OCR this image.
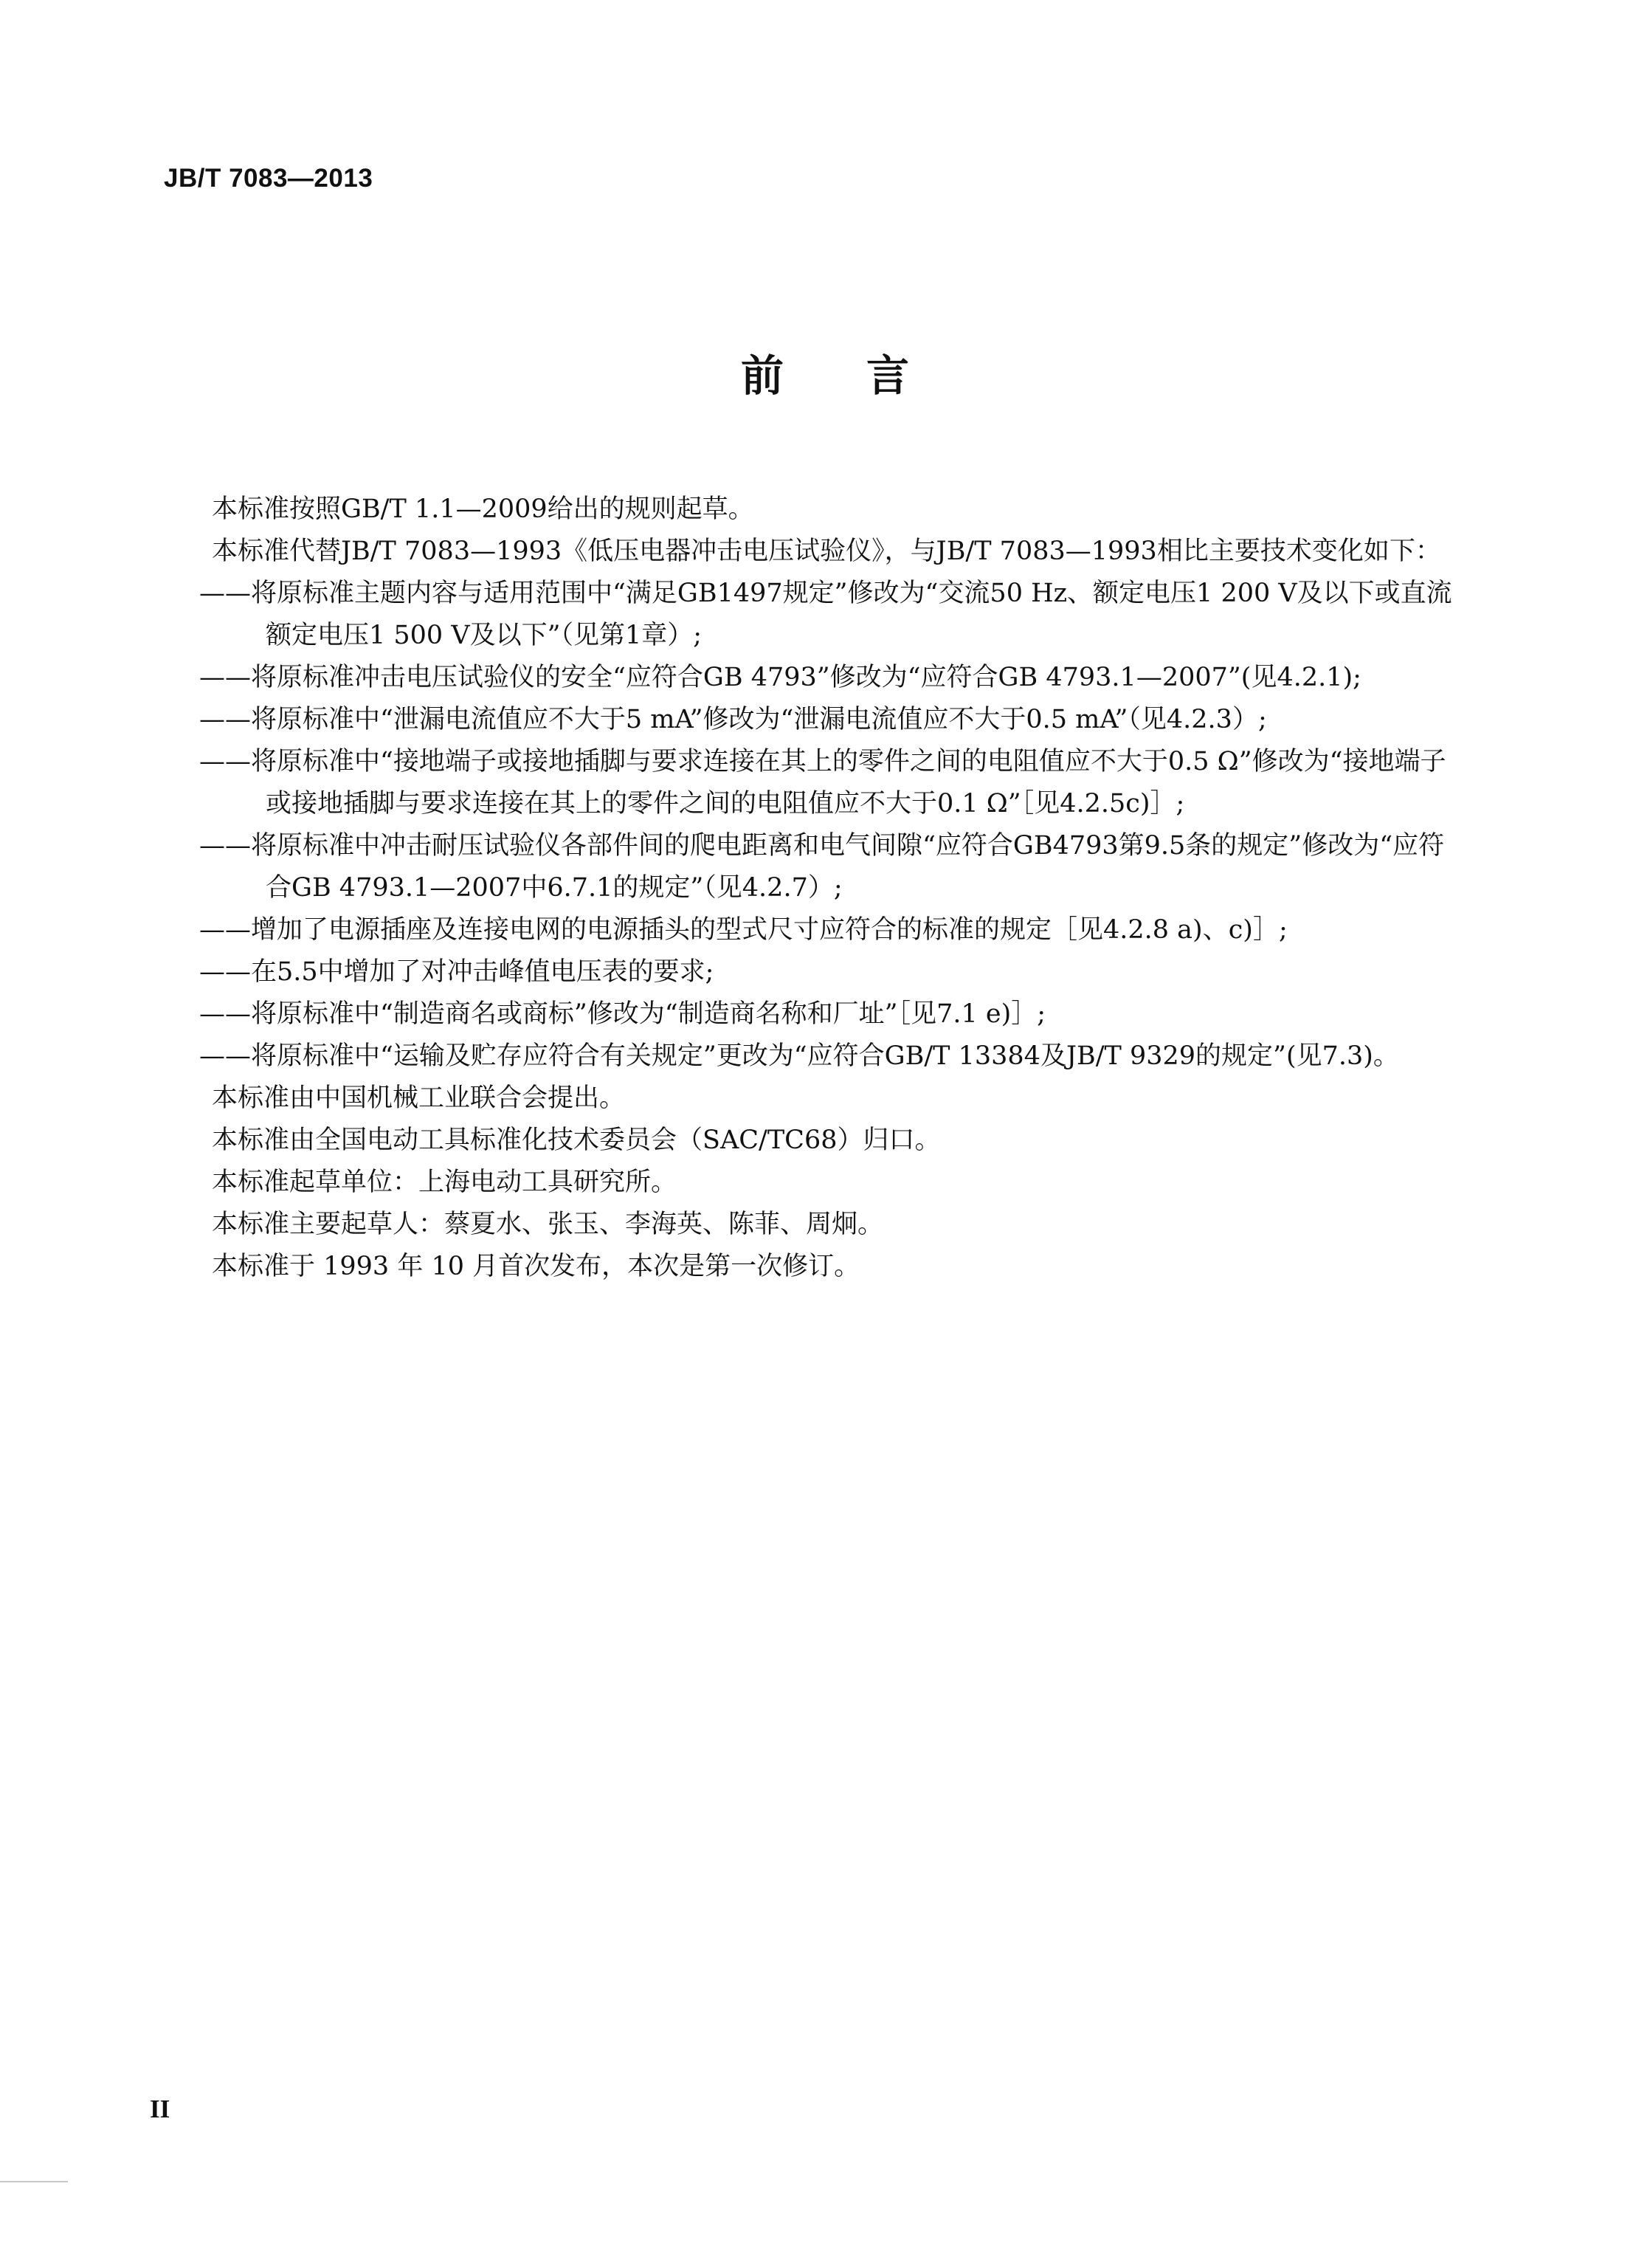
JB/T 7083—2013
前言

本标准按照GB/T 1.1—2009给出的规则起草。

本标准代替JB/T 7083—1993《低压电器冲击电压试验仪》，与JB/T 7083—1993相比主要技术变化如下：

——将原标准主题内容与适用范围中“满足GB1497规定”修改为“交流50 Hz、额定电压1 200 V及以下或直流额定电压1 500 V及以下”（见第1章）;

——将原标准冲击电压试验仪的安全“应符合GB 4793”修改为“应符合GB 4793.1—2007”(见4.2.1);

——将原标准中“泄漏电流值应不大于5 mA”修改为“泄漏电流值应不大于0.5 mA”（见4.2.3）;

——将原标准中“接地端子或接地插脚与要求连接在其上的零件之间的电阻值应不大于0.5 Ω”修改为“接地端子或接地插脚与要求连接在其上的零件之间的电阻值应不大于0.1 Ω”［见4.2.5c)］;

——将原标准中冲击耐压试验仪各部件间的爬电距离和电气间隙“应符合GB4793第9.5条的规定”修改为“应符合GB 4793.1—2007中6.7.1的规定”（见4.2.7）;

——增加了电源插座及连接电网的电源插头的型式尺寸应符合的标准的规定［见4.2.8 a)、c)］;

——在5.5中增加了对冲击峰值电压表的要求;

——将原标准中“制造商名或商标”修改为“制造商名称和厂址”［见7.1 e)］;

——将原标准中“运输及贮存应符合有关规定”更改为“应符合GB/T 13384及JB/T 9329的规定”(见7.3)。

本标准由中国机械工业联合会提出。

本标准由全国电动工具标准化技术委员会（SAC/TC68）归口。

本标准起草单位：上海电动工具研究所。

本标准主要起草人：蔡夏水、张玉、李海英、陈菲、周炯。

本标准于 1993 年 10 月首次发布，本次是第一次修订。

II
